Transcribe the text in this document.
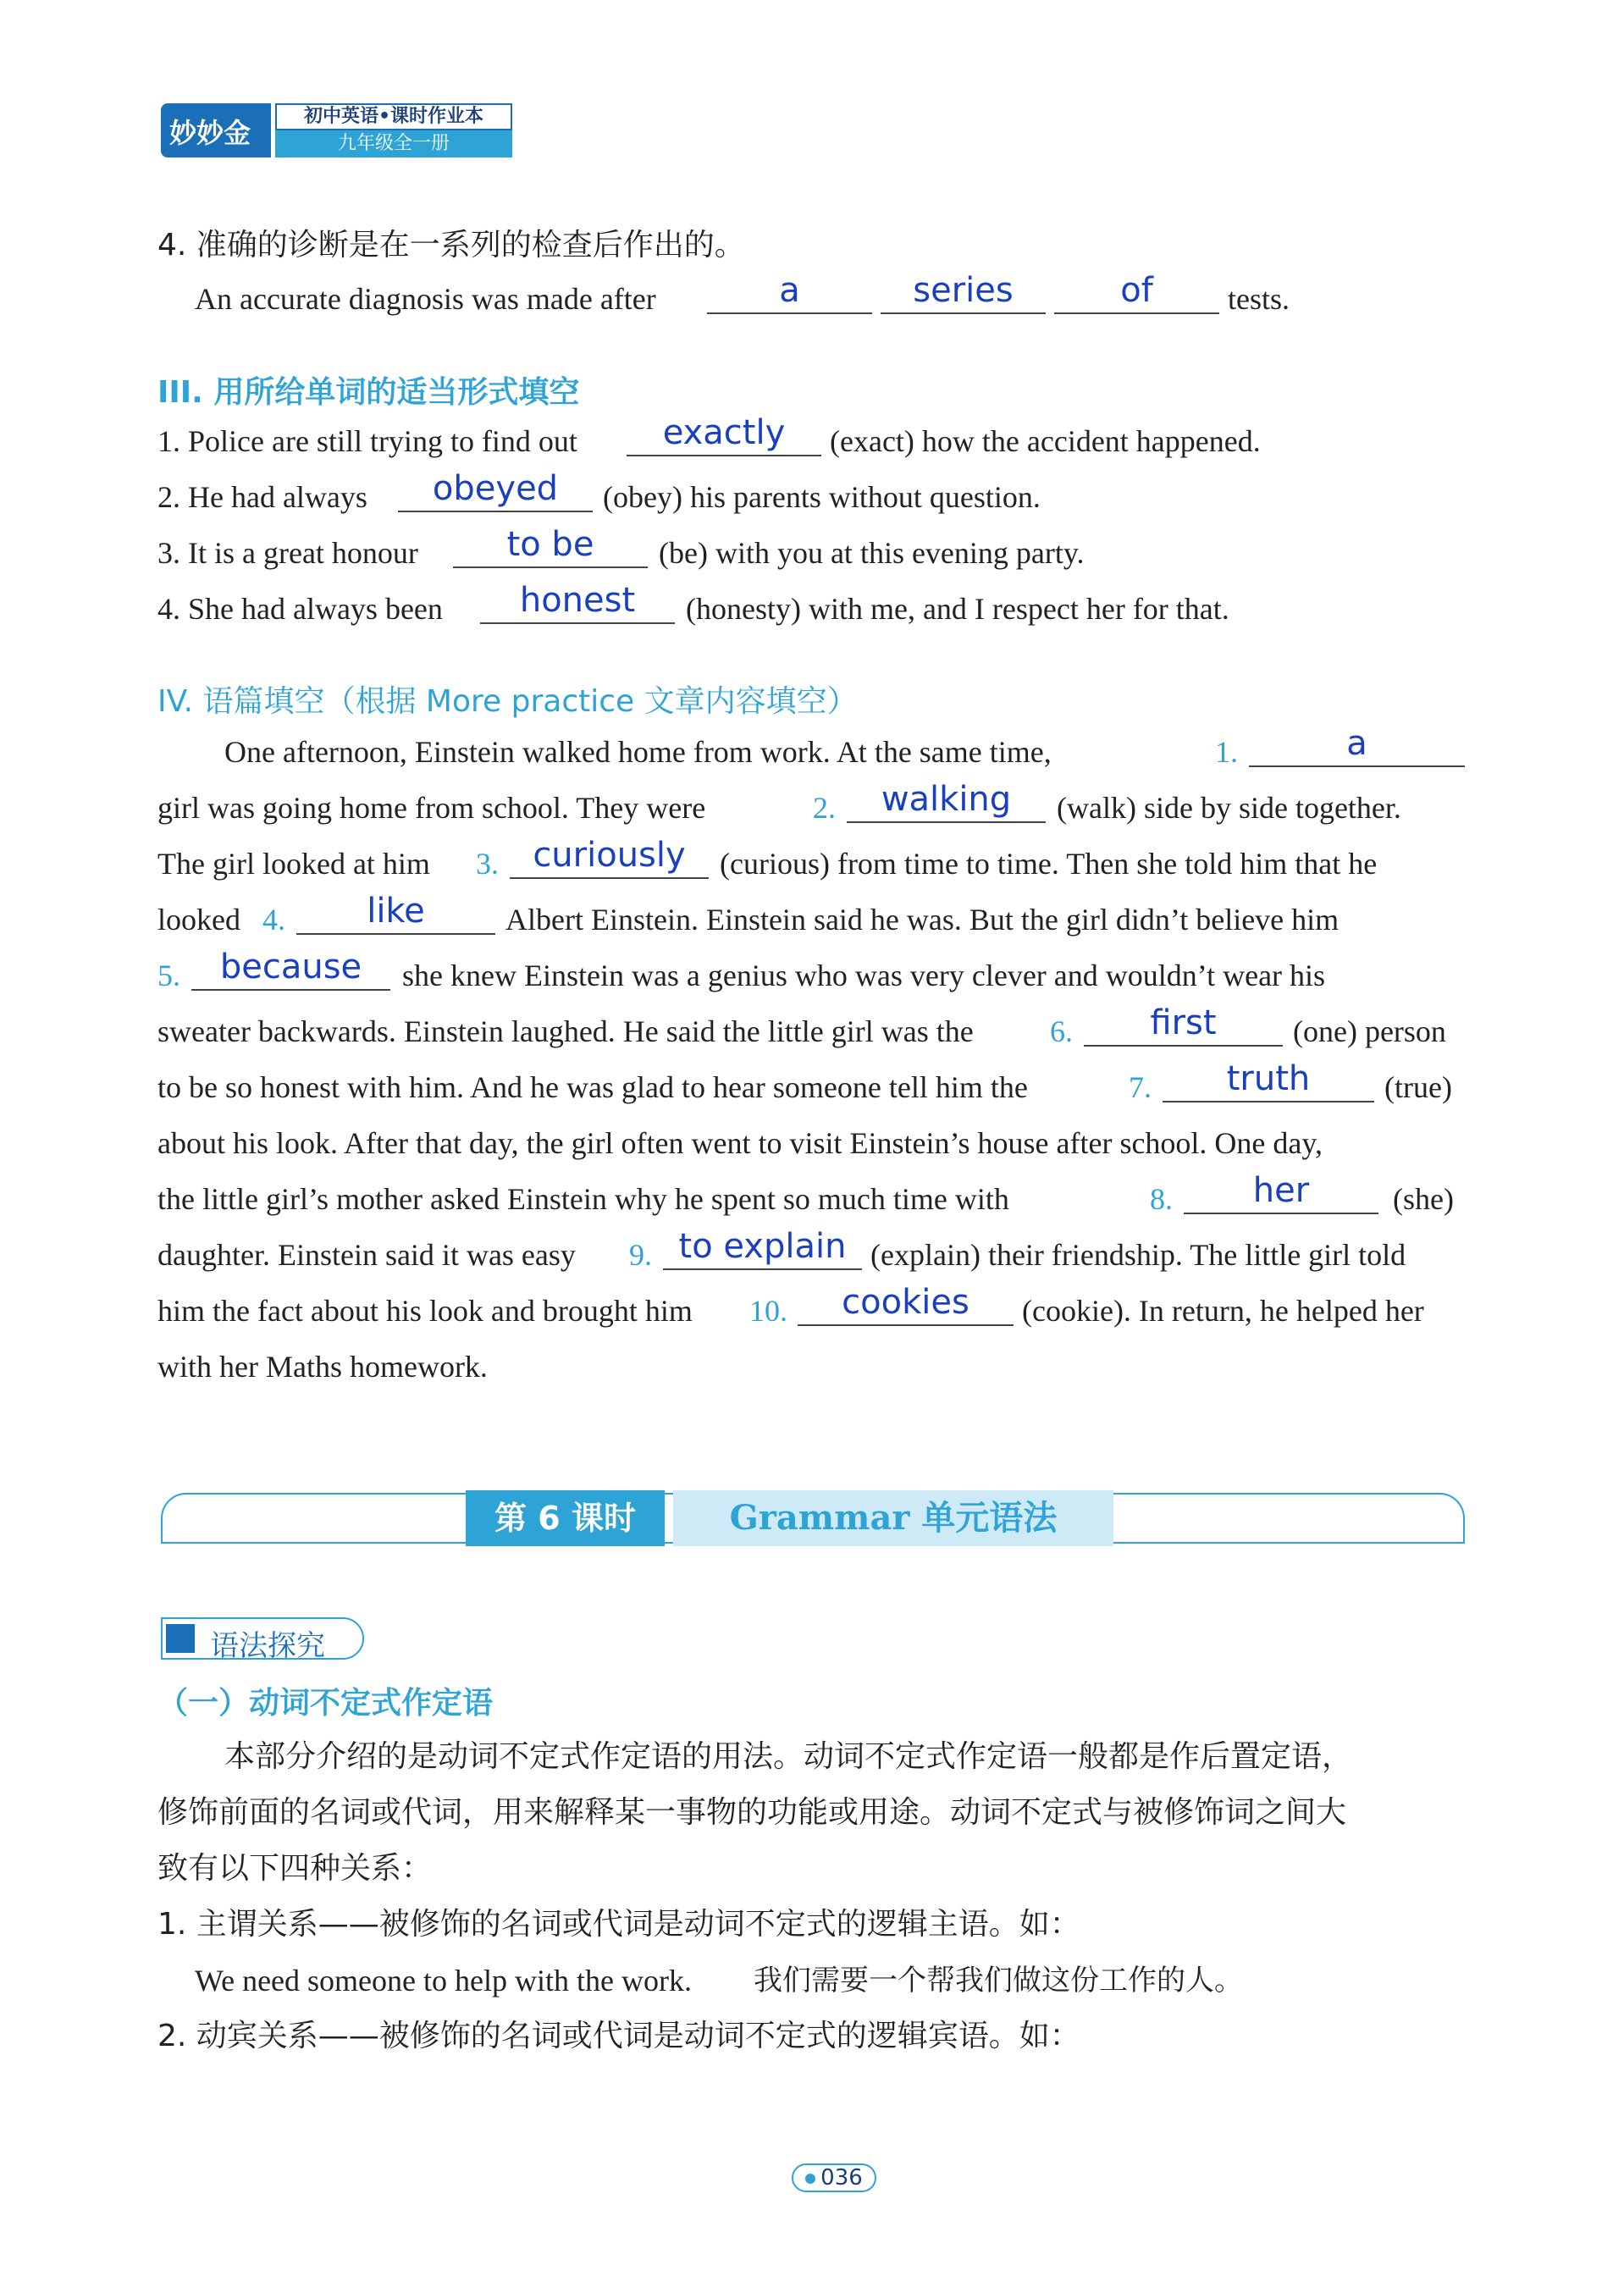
妙妙金卷
初中英语•课时作业本
九年级全一册
4. 准确的诊断是在一系列的检查后作出的。
An accurate diagnosis was made after	a	series	of	tests.
III. 用所给单词的适当形式填空
1. Police are still trying to find out	exactly	(exact) how the accident happened.
2. He had always	obeyed	(obey) his parents without question.
3. It is a great honour	to be	(be) with you at this evening party.
4. She had always been	honest	(honesty) with me, and I respect her for that.
IV. 语篇填空（根据 More practice 文章内容填空）
One afternoon, Einstein walked home from work. At the same time,	1.	a
girl was going home from school. They were	2.	walking	(walk) side by side together.
The girl looked at him 3.	curiously	(curious) from time to time. Then she told him that he
looked 4.	like	Albert Einstein. Einstein said he was. But the girl didn’t believe him
5.	because	she knew Einstein was a genius who was very clever and wouldn’t wear his
sweater backwards. Einstein laughed. He said the little girl was the	6.	first	(one) person
to be so honest with him. And he was glad to hear someone tell him the	7.	truth	(true)
about his look. After that day, the girl often went to visit Einstein’s house after school. One day,
the little girl’s mother asked Einstein why he spent so much time with	8.	her	(she)
daughter. Einstein said it was easy 9. to explain (explain) their friendship. The little girl told
him the fact about his look and brought him 10.	cookies	(cookie). In return, he helped her
with her Maths homework.
第 6 课时	Grammar 单元语法
语法探究
（一）动词不定式作定语
本部分介绍的是动词不定式作定语的用法。动词不定式作定语一般都是作后置定语，
修饰前面的名词或代词，用来解释某一事物的功能或用途。动词不定式与被修饰词之间大
致有以下四种关系：
1. 主谓关系——被修饰的名词或代词是动词不定式的逻辑主语。如：
We need someone to help with the work. 我们需要一个帮我们做这份工作的人。
2. 动宾关系——被修饰的名词或代词是动词不定式的逻辑宾语。如：
036
